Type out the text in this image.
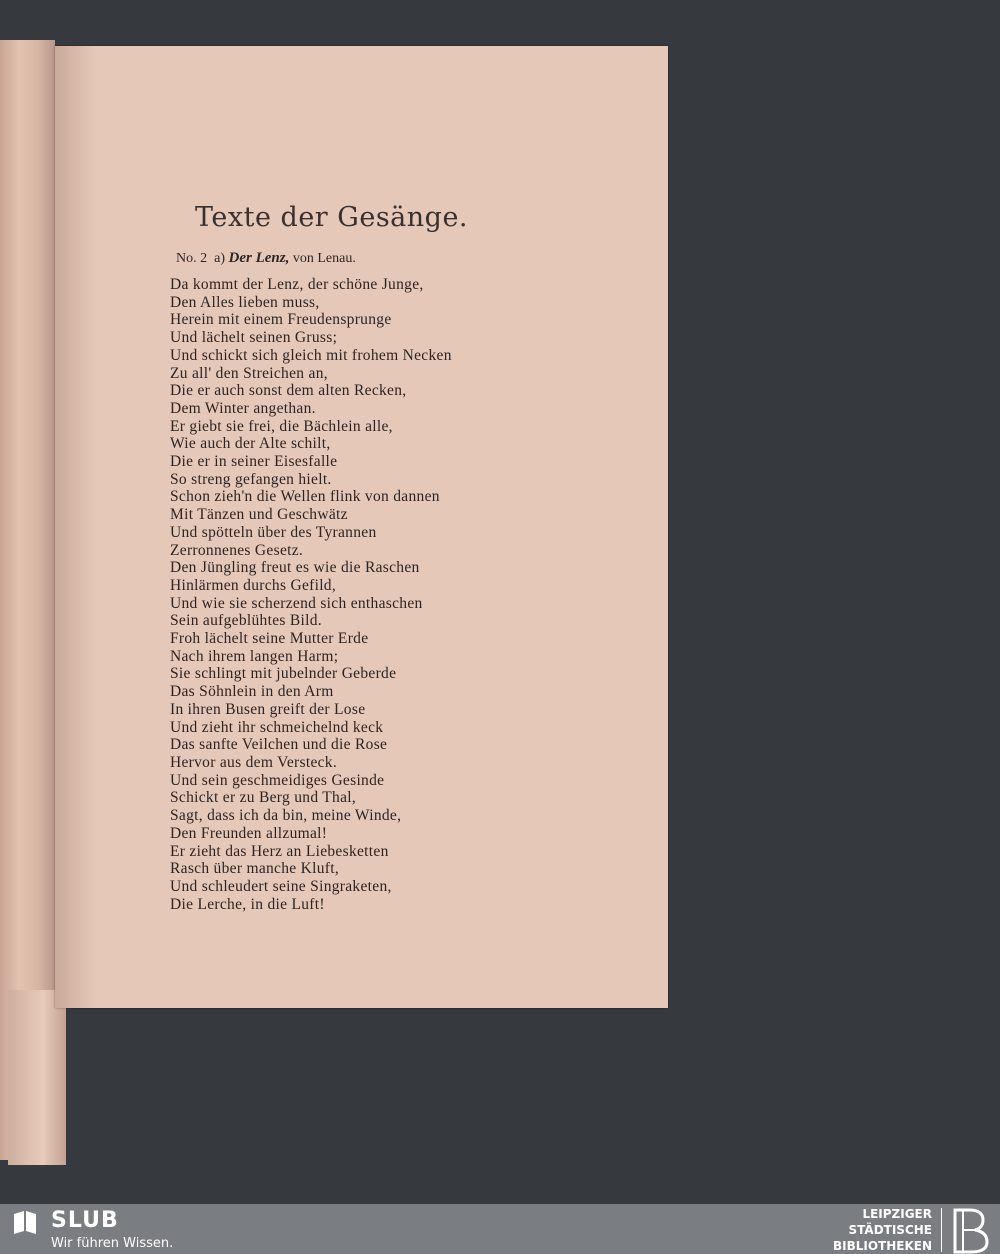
Texte der Gesänge.
No. 2 a) Der Lenz, von Lenau.
Da kommt der Lenz, der schöne Junge,
Den Alles lieben muss,
Herein mit einem Freudensprunge
Und lächelt seinen Gruss;
Und schickt sich gleich mit frohem Necken
Zu all' den Streichen an,
Die er auch sonst dem alten Recken,
Dem Winter angethan.
Er giebt sie frei, die Bächlein alle,
Wie auch der Alte schilt,
Die er in seiner Eisesfalle
So streng gefangen hielt.
Schon zieh'n die Wellen flink von dannen
Mit Tänzen und Geschwätz
Und spötteln über des Tyrannen
Zerronnenes Gesetz.
Den Jüngling freut es wie die Raschen
Hinlärmen durchs Gefild,
Und wie sie scherzend sich enthaschen
Sein aufgeblühtes Bild.
Froh lächelt seine Mutter Erde
Nach ihrem langen Harm;
Sie schlingt mit jubelnder Geberde
Das Söhnlein in den Arm
In ihren Busen greift der Lose
Und zieht ihr schmeichelnd keck
Das sanfte Veilchen und die Rose
Hervor aus dem Versteck.
Und sein geschmeidiges Gesinde
Schickt er zu Berg und Thal,
Sagt, dass ich da bin, meine Winde,
Den Freunden allzumal!
Er zieht das Herz an Liebesketten
Rasch über manche Kluft,
Und schleudert seine Singraketen,
Die Lerche, in die Luft!
SLUB
Wir führen Wissen.
LEIPZIGER
STÄDTISCHE
BIBLIOTHEKEN
